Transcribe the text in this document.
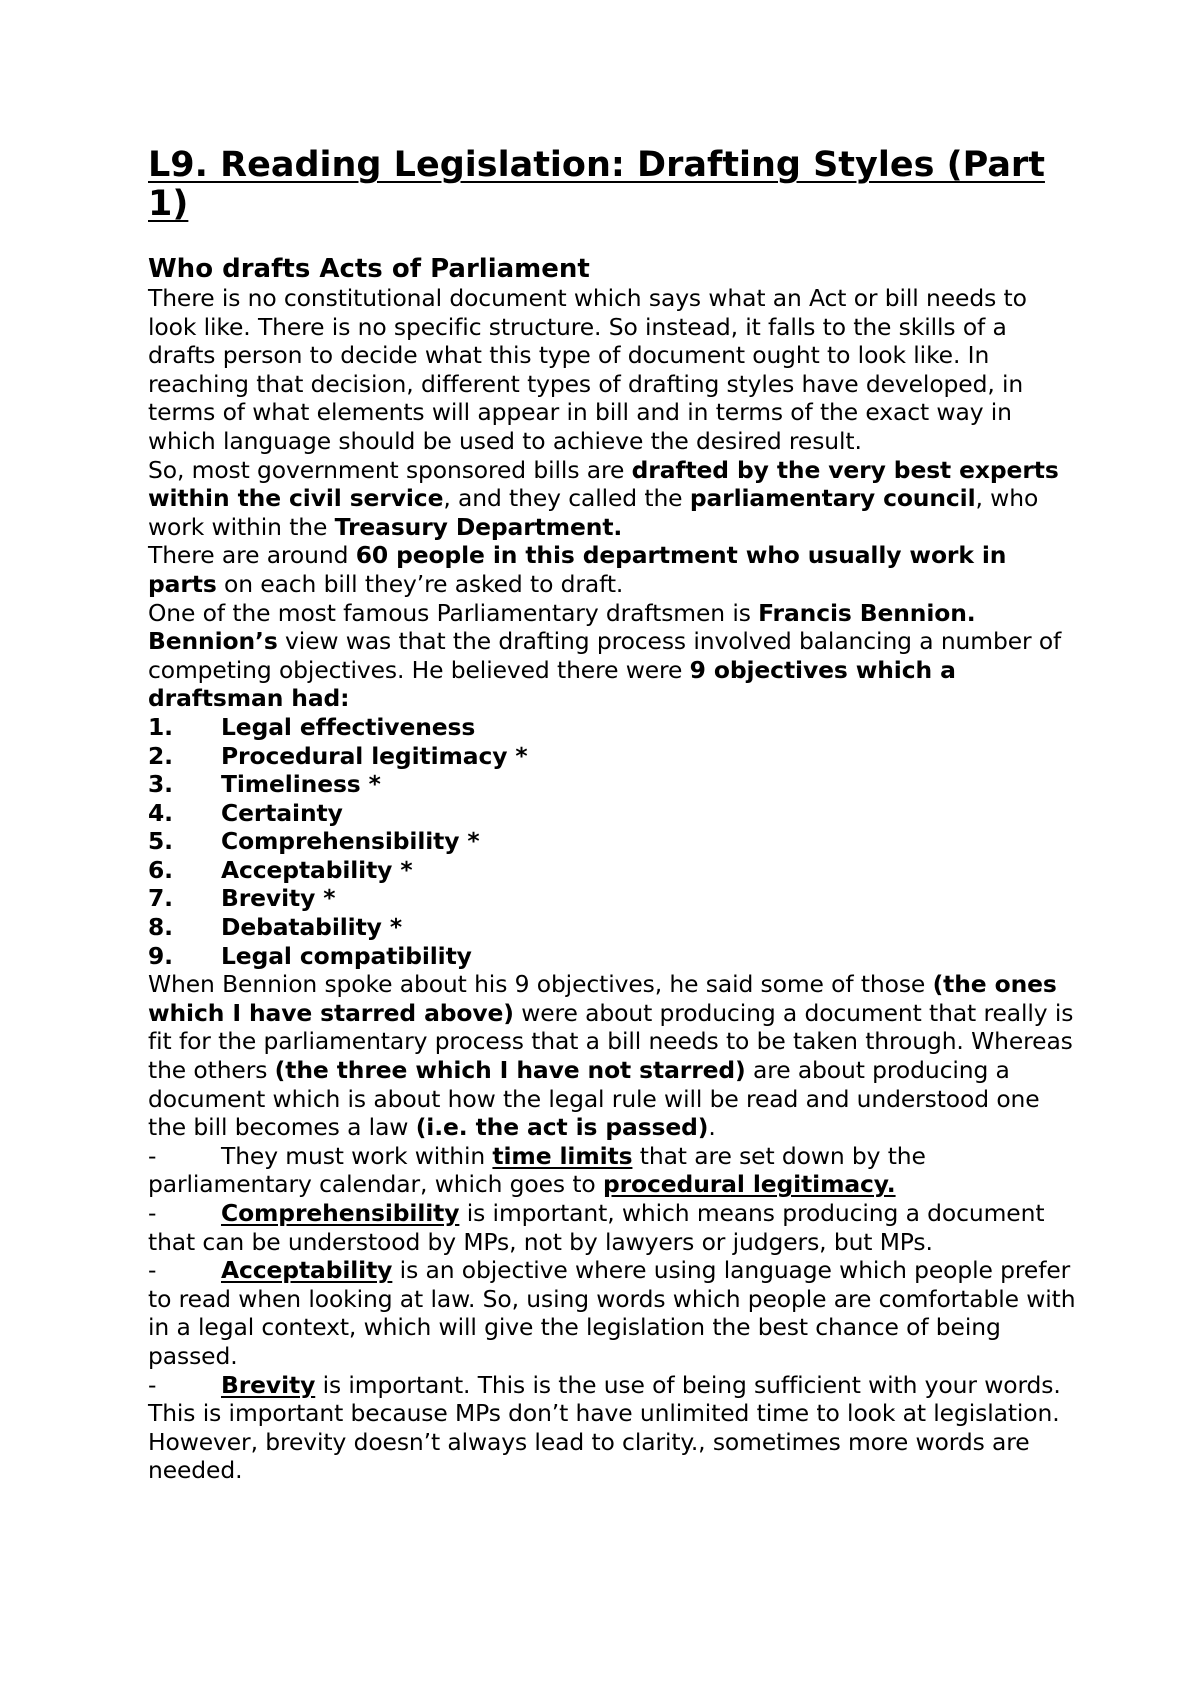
L9. Reading Legislation: Drafting Styles (Part 1)
Who drafts Acts of Parliament

There is no constitutional document which says what an Act or bill needs to look like. There is no specific structure. So instead, it falls to the skills of a drafts person to decide what this type of document ought to look like. In reaching that decision, different types of drafting styles have developed, in terms of what elements will appear in bill and in terms of the exact way in which language should be used to achieve the desired result.

So, most government sponsored bills are drafted by the very best experts within the civil service, and they called the parliamentary council, who work within the Treasury Department.

There are around 60 people in this department who usually work in parts on each bill they’re asked to draft.

One of the most famous Parliamentary draftsmen is Francis Bennion.
Bennion’s view was that the drafting process involved balancing a number of competing objectives. He believed there were 9 objectives which a draftsman had:

1.	Legal effectiveness
2.	Procedural legitimacy *
3.	Timeliness *
4.	Certainty
5.	Comprehensibility *
6.	Acceptability *
7.	Brevity *
8.	Debatability *
9.	Legal compatibility

When Bennion spoke about his 9 objectives, he said some of those (the ones which I have starred above) were about producing a document that really is fit for the parliamentary process that a bill needs to be taken through. Whereas the others (the three which I have not starred) are about producing a document which is about how the legal rule will be read and understood one the bill becomes a law (i.e. the act is passed).

-	They must work within time limits that are set down by the parliamentary calendar, which goes to procedural legitimacy.

-	Comprehensibility is important, which means producing a document that can be understood by MPs, not by lawyers or judgers, but MPs.

-	Acceptability is an objective where using language which people prefer to read when looking at law. So, using words which people are comfortable with in a legal context, which will give the legislation the best chance of being passed.

-	Brevity is important. This is the use of being sufficient with your words. This is important because MPs don’t have unlimited time to look at legislation. However, brevity doesn’t always lead to clarity., sometimes more words are needed.
